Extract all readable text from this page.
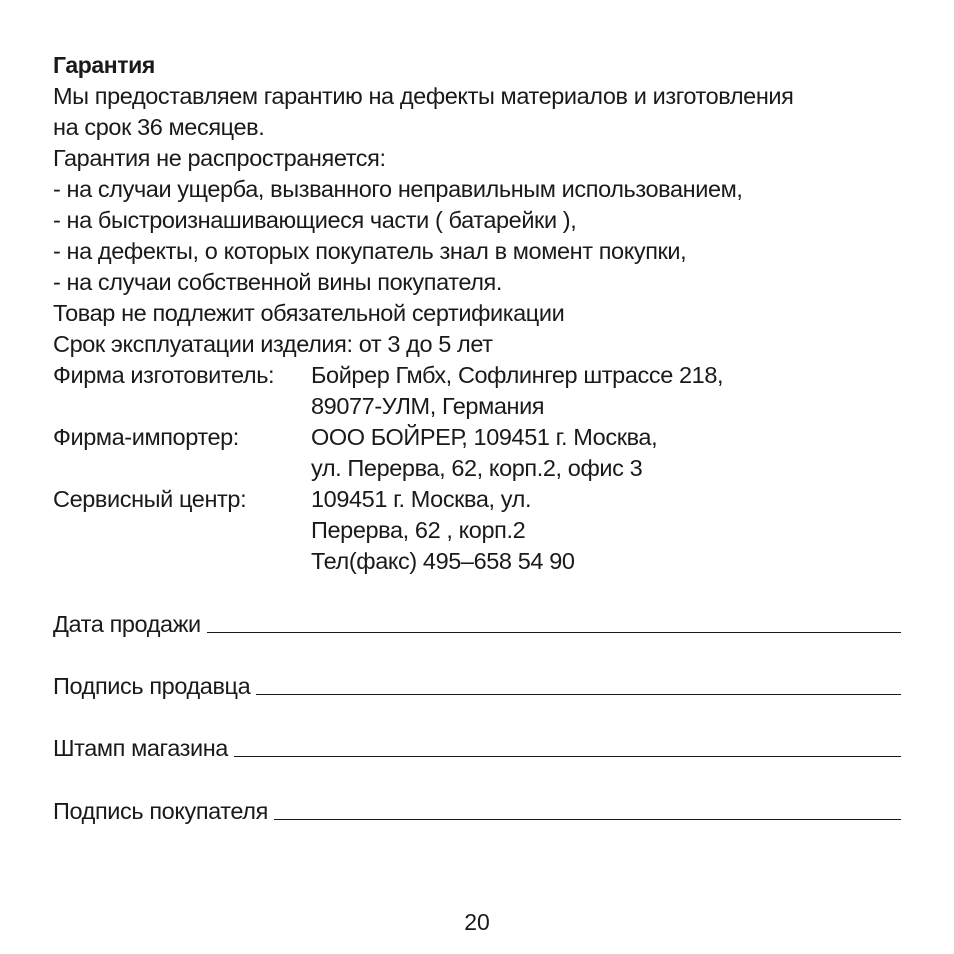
Гарантия
Мы предоставляем гарантию на дефекты материалов и изготовления
на срок 36 месяцев.
Гарантия не распространяется:
- на случаи ущерба, вызванного неправильным использованием,
- на быстроизнашивающиеся части ( батарейки ),
- на дефекты, о которых покупатель знал в момент покупки,
- на случаи собственной вины покупателя.
Товар не подлежит обязательной сертификации
Срок эксплуатации изделия: от 3 до 5 лет
Фирма изготовитель:	Бойрер Гмбх, Софлингер штрассе 218,
89077-УЛМ, Германия
Фирма-импортер:	ООО БОЙРЕР, 109451 г. Москва,
ул. Перерва, 62, корп.2, офис 3
Сервисный центр:	109451 г. Москва, ул.
Перерва, 62 , корп.2
Тел(факс) 495–658 54 90
Дата продажи
Подпись продавца
Штамп магазина
Подпись покупателя
20
